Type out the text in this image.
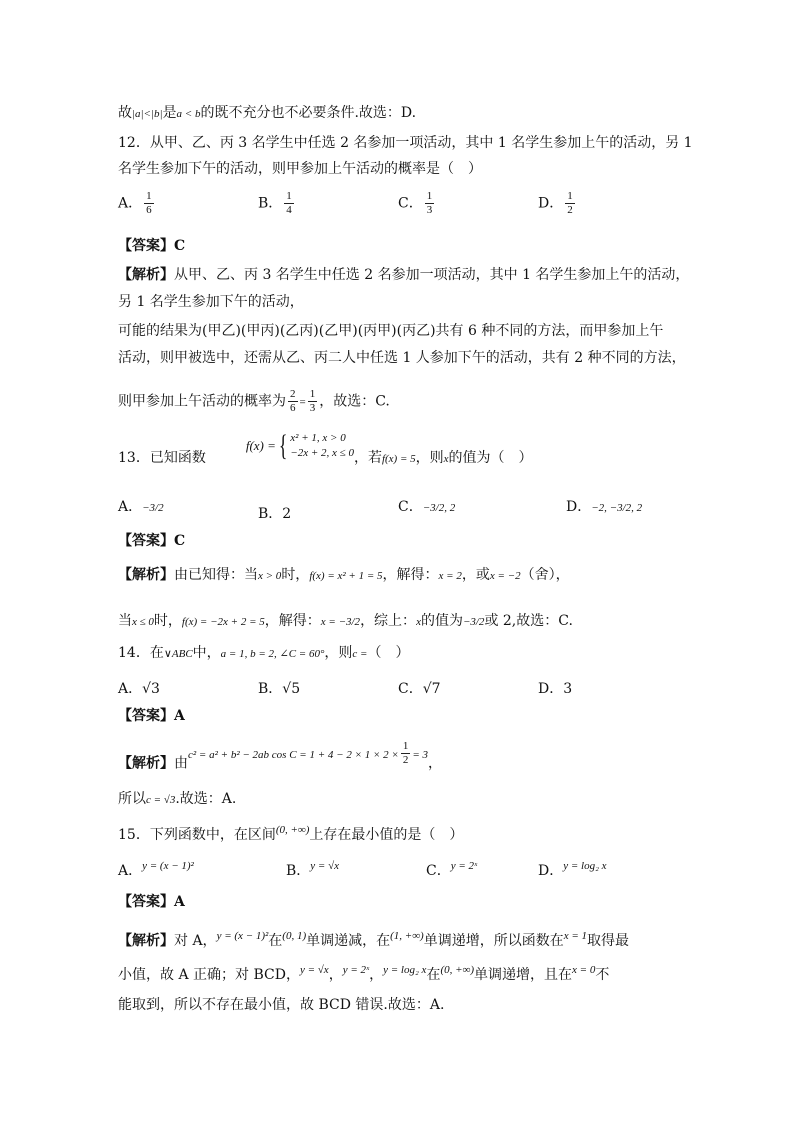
故|a|<|b|是a < b的既不充分也不必要条件.故选：D.
12．从甲、乙、丙 3 名学生中任选 2 名参加一项活动，其中 1 名学生参加上午的活动，另 1
名学生参加下午的活动，则甲参加上午活动的概率是（　）
A． $\frac{1}{6}$	B． $\frac{1}{4}$	C． $\frac{1}{3}$	D． $\frac{1}{2}$
【答案】C
【解析】从甲、乙、丙 3 名学生中任选 2 名参加一项活动，其中 1 名学生参加上午的活动，
另 1 名学生参加下午的活动，
可能的结果为(甲乙)(甲丙)(乙丙)(乙甲)(丙甲)(丙乙)共有 6 种不同的方法，而甲参加上午
活动，则甲被选中，还需从乙、丙二人中任选 1 人参加下午的活动，共有 2 种不同的方法，
则甲参加上午活动的概率为 $\frac{2}{6} = \frac{1}{3}$ ，故选：C.
13．已知函数f(x) ={ x² + 1, x > 0
−2x + 2, x ≤ 0 ，若f(x) = 5，则x的值为（　）
A．−3/2	B．2	C．−3/2, 2	D．−2, −3/2, 2
【答案】C
【解析】由已知得：当x > 0时，f(x) = x² + 1 = 5，解得：x = 2，或x = −2（舍），
当x ≤ 0时，f(x) = −2x + 2 = 5，解得：x = −3/2，综上：x的值为−3/2或 2,故选：C.
14．在∨ABC中，a = 1, b = 2, ∠C = 60°，则c =（　）
A．√3	B．√5	C．√7	D．3
【答案】A
【解析】由c² = a² + b² − 2ab $\cos C = 1 + 4 - 2 \times 1 \times 2 \times \frac{1}{2} = 3$，
所以c = √3.故选：A.
15．下列函数中，在区间$^{(0, +\infty)}$上存在最小值的是（　）
A．$^{y = (x - 1)^2}$	B．$^{y = √x}$	C．$^{y = 2ˣ}$	D．$^{y = log_2 x}$
【答案】A
【解析】对 A，$^{y = (x - 1)^2}$在$^{(0, 1)}$单调递减，在$^{(1, +\infty)}$单调递增，所以函数在$^{x = 1}$取得最
小值，故 A 正确；对 BCD，$^{y = √x}$，$^{y = 2ˣ}$，$^{y = log_2 x}$在$^{(0, +\infty)}$单调递增，且在$^{x = 0}$不
能取到，所以不存在最小值，故 BCD 错误.故选：A.
